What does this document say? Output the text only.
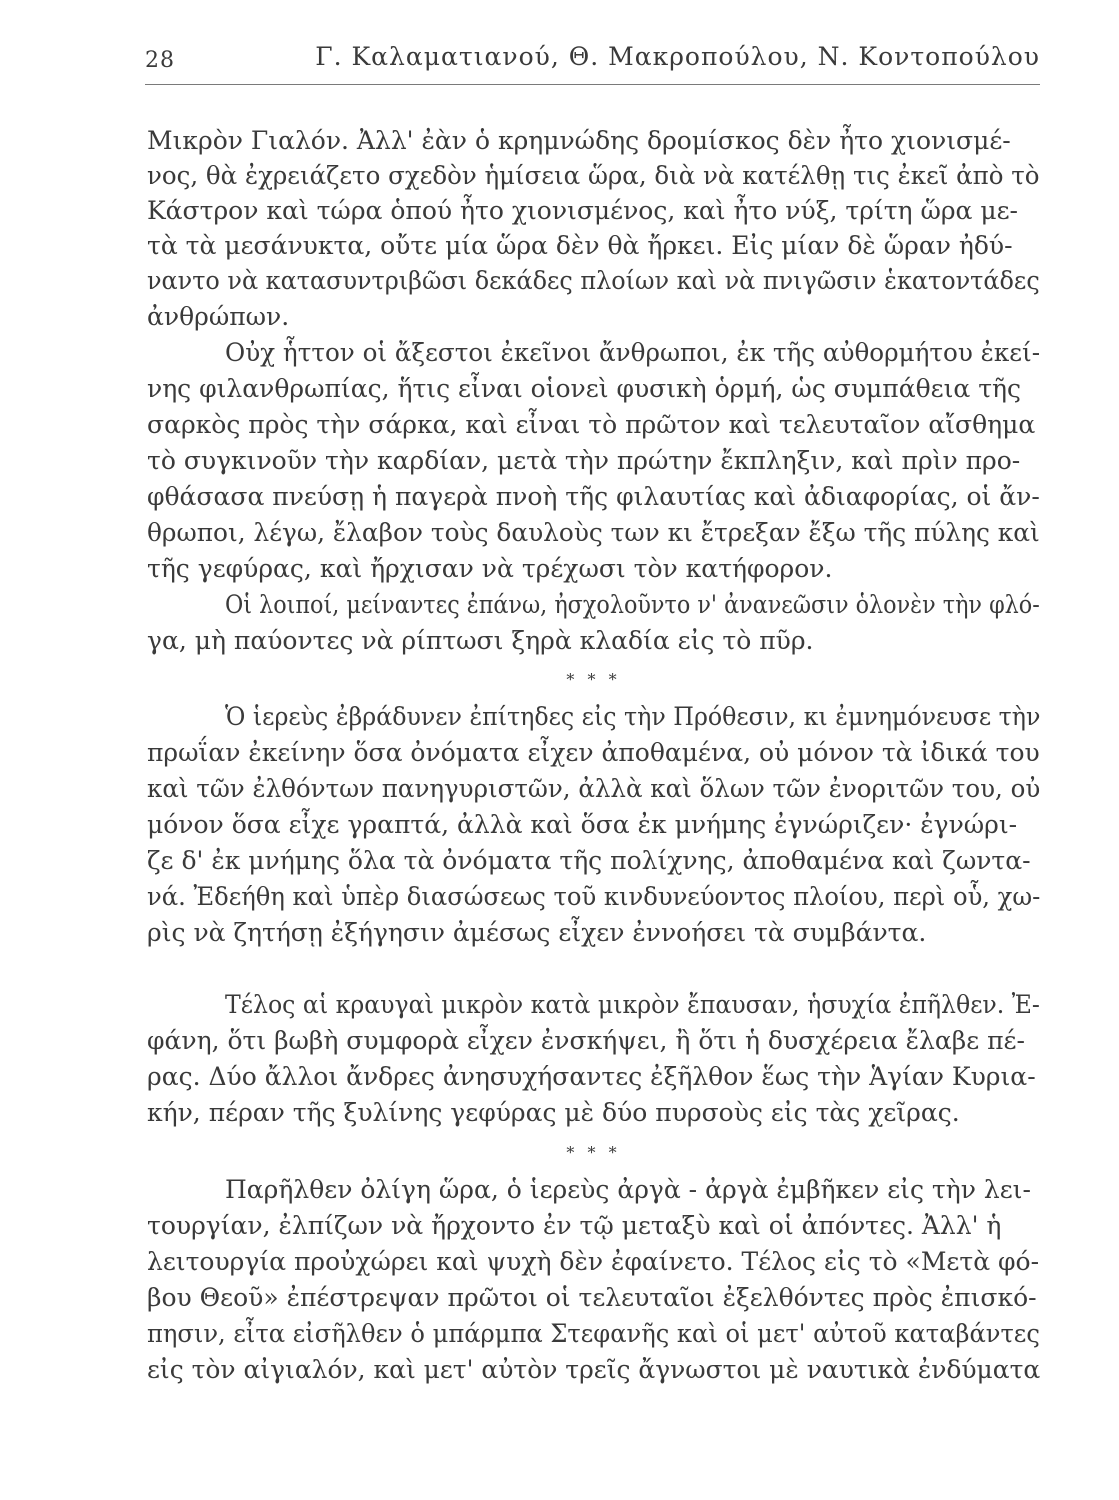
28	Γ. Καλαματιανού, Θ. Μακροπούλου, Ν. Κοντοπούλου
Μικρὸν Γιαλόν. Ἀλλ' ἐὰν ὁ κρημνώδης δρομίσκος δὲν ἦτο χιονισμέ-
νος, θὰ ἐχρειάζετο σχεδὸν ἡμίσεια ὥρα, διὰ νὰ κατέλθῃ τις ἐκεῖ ἀπὸ τὸ
Κάστρον καὶ τώρα ὁπού ἦτο χιονισμένος, καὶ ἦτο νύξ, τρίτη ὥρα με-
τὰ τὰ μεσάνυκτα, οὔτε μία ὥρα δὲν θὰ ἤρκει. Εἰς μίαν δὲ ὥραν ἠδύ-
ναντο νὰ κατασυντριβῶσι δεκάδες πλοίων καὶ νὰ πνιγῶσιν ἑκατοντάδες
ἀνθρώπων.
Οὐχ ἧττον οἱ ἄξεστοι ἐκεῖνοι ἄνθρωποι, ἐκ τῆς αὐθορμήτου ἐκεί-
νης φιλανθρωπίας, ἥτις εἶναι οἱονεὶ φυσικὴ ὁρμή, ὡς συμπάθεια τῆς
σαρκὸς πρὸς τὴν σάρκα, καὶ εἶναι τὸ πρῶτον καὶ τελευταῖον αἴσθημα
τὸ συγκινοῦν τὴν καρδίαν, μετὰ τὴν πρώτην ἔκπληξιν, καὶ πρὶν προ-
φθάσασα πνεύσῃ ἡ παγερὰ πνοὴ τῆς φιλαυτίας καὶ ἀδιαφορίας, οἱ ἄν-
θρωποι, λέγω, ἔλαβον τοὺς δαυλοὺς των κι ἔτρεξαν ἔξω τῆς πύλης καὶ
τῆς γεφύρας, καὶ ἤρχισαν νὰ τρέχωσι τὸν κατήφορον.
Οἱ λοιποί, μείναντες ἐπάνω, ἠσχολοῦντο ν' ἀνανεῶσιν ὁλονὲν τὴν φλό-
γα, μὴ παύοντες νὰ ρίπτωσι ξηρὰ κλαδία εἰς τὸ πῦρ.
* * *
Ὁ ἱερεὺς ἐβράδυνεν ἐπίτηδες εἰς τὴν Πρόθεσιν, κι ἐμνημόνευσε τὴν
πρωΐαν ἐκείνην ὅσα ὀνόματα εἶχεν ἀποθαμένα, οὐ μόνον τὰ ἰδικά του
καὶ τῶν ἐλθόντων πανηγυριστῶν, ἀλλὰ καὶ ὅλων τῶν ἐνοριτῶν του, οὐ
μόνον ὅσα εἶχε γραπτά, ἀλλὰ καὶ ὅσα ἐκ μνήμης ἐγνώριζεν· ἐγνώρι-
ζε δ' ἐκ μνήμης ὅλα τὰ ὀνόματα τῆς πολίχνης, ἀποθαμένα καὶ ζωντα-
νά. Ἐδεήθη καὶ ὑπὲρ διασώσεως τοῦ κινδυνεύοντος πλοίου, περὶ οὗ, χω-
ρὶς νὰ ζητήσῃ ἐξήγησιν ἀμέσως εἶχεν ἐννοήσει τὰ συμβάντα.
Τέλος αἱ κραυγαὶ μικρὸν κατὰ μικρὸν ἔπαυσαν, ἡσυχία ἐπῆλθεν. Ἐ-
φάνη, ὅτι βωβὴ συμφορὰ εἶχεν ἐνσκήψει, ἢ ὅτι ἡ δυσχέρεια ἔλαβε πέ-
ρας. Δύο ἄλλοι ἄνδρες ἀνησυχήσαντες ἐξῆλθον ἕως τὴν Ἁγίαν Κυρια-
κήν, πέραν τῆς ξυλίνης γεφύρας μὲ δύο πυρσοὺς εἰς τὰς χεῖρας.
* * *
Παρῆλθεν ὀλίγη ὥρα, ὁ ἱερεὺς ἀργὰ - ἀργὰ ἐμβῆκεν εἰς τὴν λει-
τουργίαν, ἐλπίζων νὰ ἤρχοντο ἐν τῷ μεταξὺ καὶ οἱ ἀπόντες. Ἀλλ' ἡ
λειτουργία προὐχώρει καὶ ψυχὴ δὲν ἐφαίνετο. Τέλος εἰς τὸ «Μετὰ φό-
βου Θεοῦ» ἐπέστρεψαν πρῶτοι οἱ τελευταῖοι ἐξελθόντες πρὸς ἐπισκό-
πησιν, εἶτα εἰσῆλθεν ὁ μπάρμπα Στεφανῆς καὶ οἱ μετ' αὐτοῦ καταβάντες
εἰς τὸν αἰγιαλόν, καὶ μετ' αὐτὸν τρεῖς ἄγνωστοι μὲ ναυτικὰ ἐνδύματα
